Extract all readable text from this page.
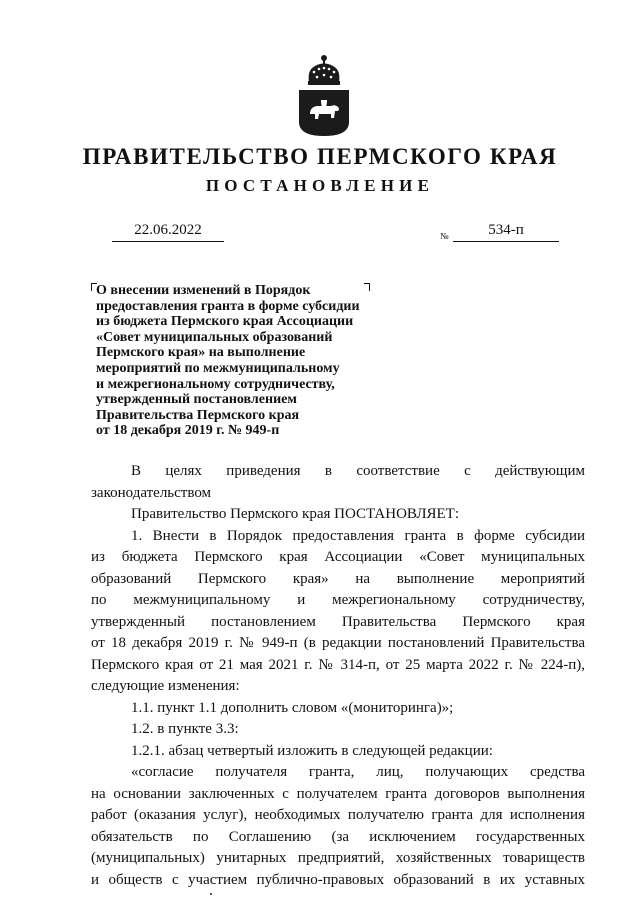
ПРАВИТЕЛЬСТВО ПЕРМСКОГО КРАЯ
ПОСТАНОВЛЕНИЕ
22.06.2022	№	534-п
О внесении изменений в Порядок
предоставления гранта в форме субсидии
из бюджета Пермского края Ассоциации
«Совет муниципальных образований
Пермского края» на выполнение
мероприятий по межмуниципальному
и межрегиональному сотрудничеству,
утвержденный постановлением
Правительства Пермского края
от 18 декабря 2019 г. № 949-п
В целях приведения в соответствие с действующим
законодательством
Правительство Пермского края ПОСТАНОВЛЯЕТ:
1. Внести в Порядок предоставления гранта в форме субсидии
из бюджета Пермского края Ассоциации «Совет муниципальных
образований Пермского края» на выполнение мероприятий
по межмуниципальному и межрегиональному сотрудничеству,
утвержденный постановлением Правительства Пермского края
от 18 декабря 2019 г. № 949-п (в редакции постановлений Правительства
Пермского края от 21 мая 2021 г. № 314-п, от 25 марта 2022 г. № 224-п),
следующие изменения:
1.1. пункт 1.1 дополнить словом «(мониторинга)»;
1.2. в пункте 3.3:
1.2.1. абзац четвертый изложить в следующей редакции:
«согласие получателя гранта, лиц, получающих средства
на основании заключенных с получателем гранта договоров выполнения
работ (оказания услуг), необходимых получателю гранта для исполнения
обязательств по Соглашению (за исключением государственных
(муниципальных) унитарных предприятий, хозяйственных товариществ
и обществ с участием публично-правовых образований в их уставных
